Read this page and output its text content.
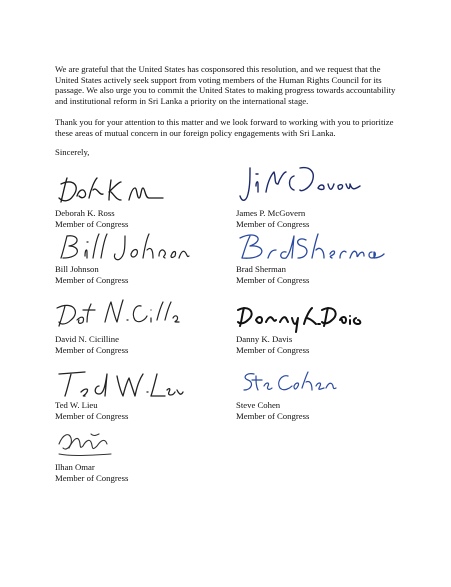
We are grateful that the United States has cosponsored this resolution, and we request that the United States actively seek support from voting members of the Human Rights Council for its passage. We also urge you to commit the United States to making progress towards accountability and institutional reform in Sri Lanka a priority on the international stage.

Thank you for your attention to this matter and we look forward to working with you to prioritize these areas of mutual concern in our foreign policy engagements with Sri Lanka.

Sincerely,
Deborah K. Ross
Member of Congress
James P. McGovern
Member of Congress
Bill Johnson
Member of Congress
Brad Sherman
Member of Congress
David N. Cicilline
Member of Congress
Danny K. Davis
Member of Congress
Ted W. Lieu
Member of Congress
Steve Cohen
Member of Congress
Ilhan Omar
Member of Congress
